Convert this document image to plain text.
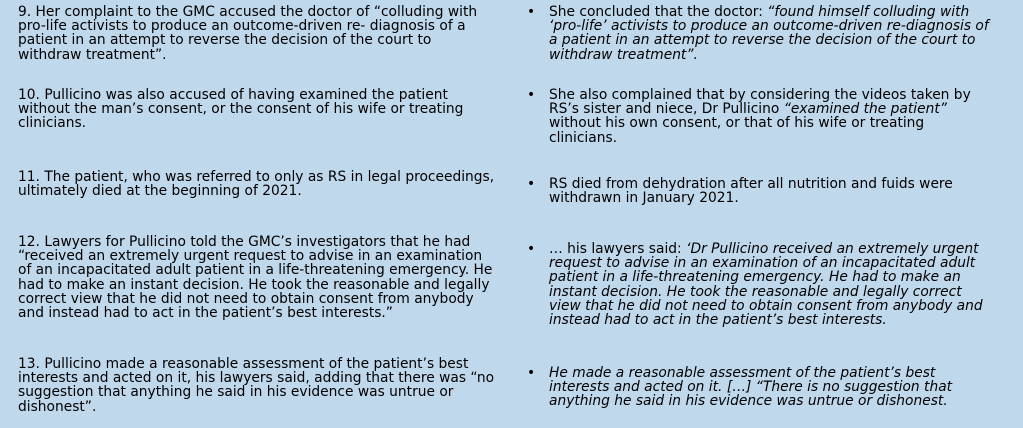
9. Her complaint to the GMC accused the doctor of “colluding with
pro-life activists to produce an outcome-driven re- diagnosis of a
patient in an attempt to reverse the decision of the court to
withdraw treatment”.
10. Pullicino was also accused of having examined the patient
without the man’s consent, or the consent of his wife or treating
clinicians.
11. The patient, who was referred to only as RS in legal proceedings,
ultimately died at the beginning of 2021.
12. Lawyers for Pullicino told the GMC’s investigators that he had
“received an extremely urgent request to advise in an examination
of an incapacitated adult patient in a life-threatening emergency. He
had to make an instant decision. He took the reasonable and legally
correct view that he did not need to obtain consent from anybody
and instead had to act in the patient’s best interests.”
13. Pullicino made a reasonable assessment of the patient’s best
interests and acted on it, his lawyers said, adding that there was “no
suggestion that anything he said in his evidence was untrue or
dishonest”.
• She concluded that the doctor: “found himself colluding with
‘pro-life’ activists to produce an outcome-driven re-diagnosis of
a patient in an attempt to reverse the decision of the court to
withdraw treatment”.
• She also complained that by considering the videos taken by
RS’s sister and niece, Dr Pullicino “examined the patient”
without his own consent, or that of his wife or treating
clinicians.
• RS died from dehydration after all nutrition and fuids were
withdrawn in January 2021.
• … his lawyers said: ‘Dr Pullicino received an extremely urgent
request to advise in an examination of an incapacitated adult
patient in a life-threatening emergency. He had to make an
instant decision. He took the reasonable and legally correct
view that he did not need to obtain consent from anybody and
instead had to act in the patient’s best interests.
• He made a reasonable assessment of the patient’s best
interests and acted on it. […] “There is no suggestion that
anything he said in his evidence was untrue or dishonest.
